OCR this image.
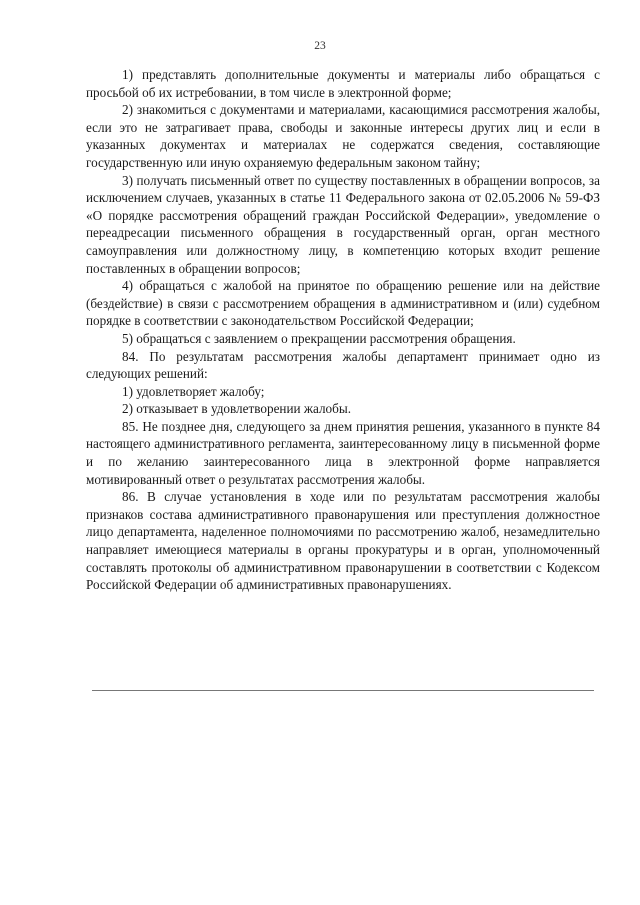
23

1) представлять дополнительные документы и материалы либо обращаться с просьбой об их истребовании, в том числе в электронной форме;

2) знакомиться с документами и материалами, касающимися рассмотрения жалобы, если это не затрагивает права, свободы и законные интересы других лиц и если в указанных документах и материалах не содержатся сведения, составляющие государственную или иную охраняемую федеральным законом тайну;

3) получать письменный ответ по существу поставленных в обращении вопросов, за исключением случаев, указанных в статье 11 Федерального закона от 02.05.2006 № 59-ФЗ «О порядке рассмотрения обращений граждан Российской Федерации», уведомление о переадресации письменного обращения в государственный орган, орган местного самоуправления или должностному лицу, в компетенцию которых входит решение поставленных в обращении вопросов;

4) обращаться с жалобой на принятое по обращению решение или на действие (бездействие) в связи с рассмотрением обращения в административном и (или) судебном порядке в соответствии с законодательством Российской Федерации;

5) обращаться с заявлением о прекращении рассмотрения обращения.

84. По результатам рассмотрения жалобы департамент принимает одно из следующих решений:

1) удовлетворяет жалобу;

2) отказывает в удовлетворении жалобы.

85. Не позднее дня, следующего за днем принятия решения, указанного в пункте 84 настоящего административного регламента, заинтересованному лицу в письменной форме и по желанию заинтересованного лица в электронной форме направляется мотивированный ответ о результатах рассмотрения жалобы.

86. В случае установления в ходе или по результатам рассмотрения жалобы признаков состава административного правонарушения или преступления должностное лицо департамента, наделенное полномочиями по рассмотрению жалоб, незамедлительно направляет имеющиеся материалы в органы прокуратуры и в орган, уполномоченный составлять протоколы об административном правонарушении в соответствии с Кодексом Российской Федерации об административных правонарушениях.
